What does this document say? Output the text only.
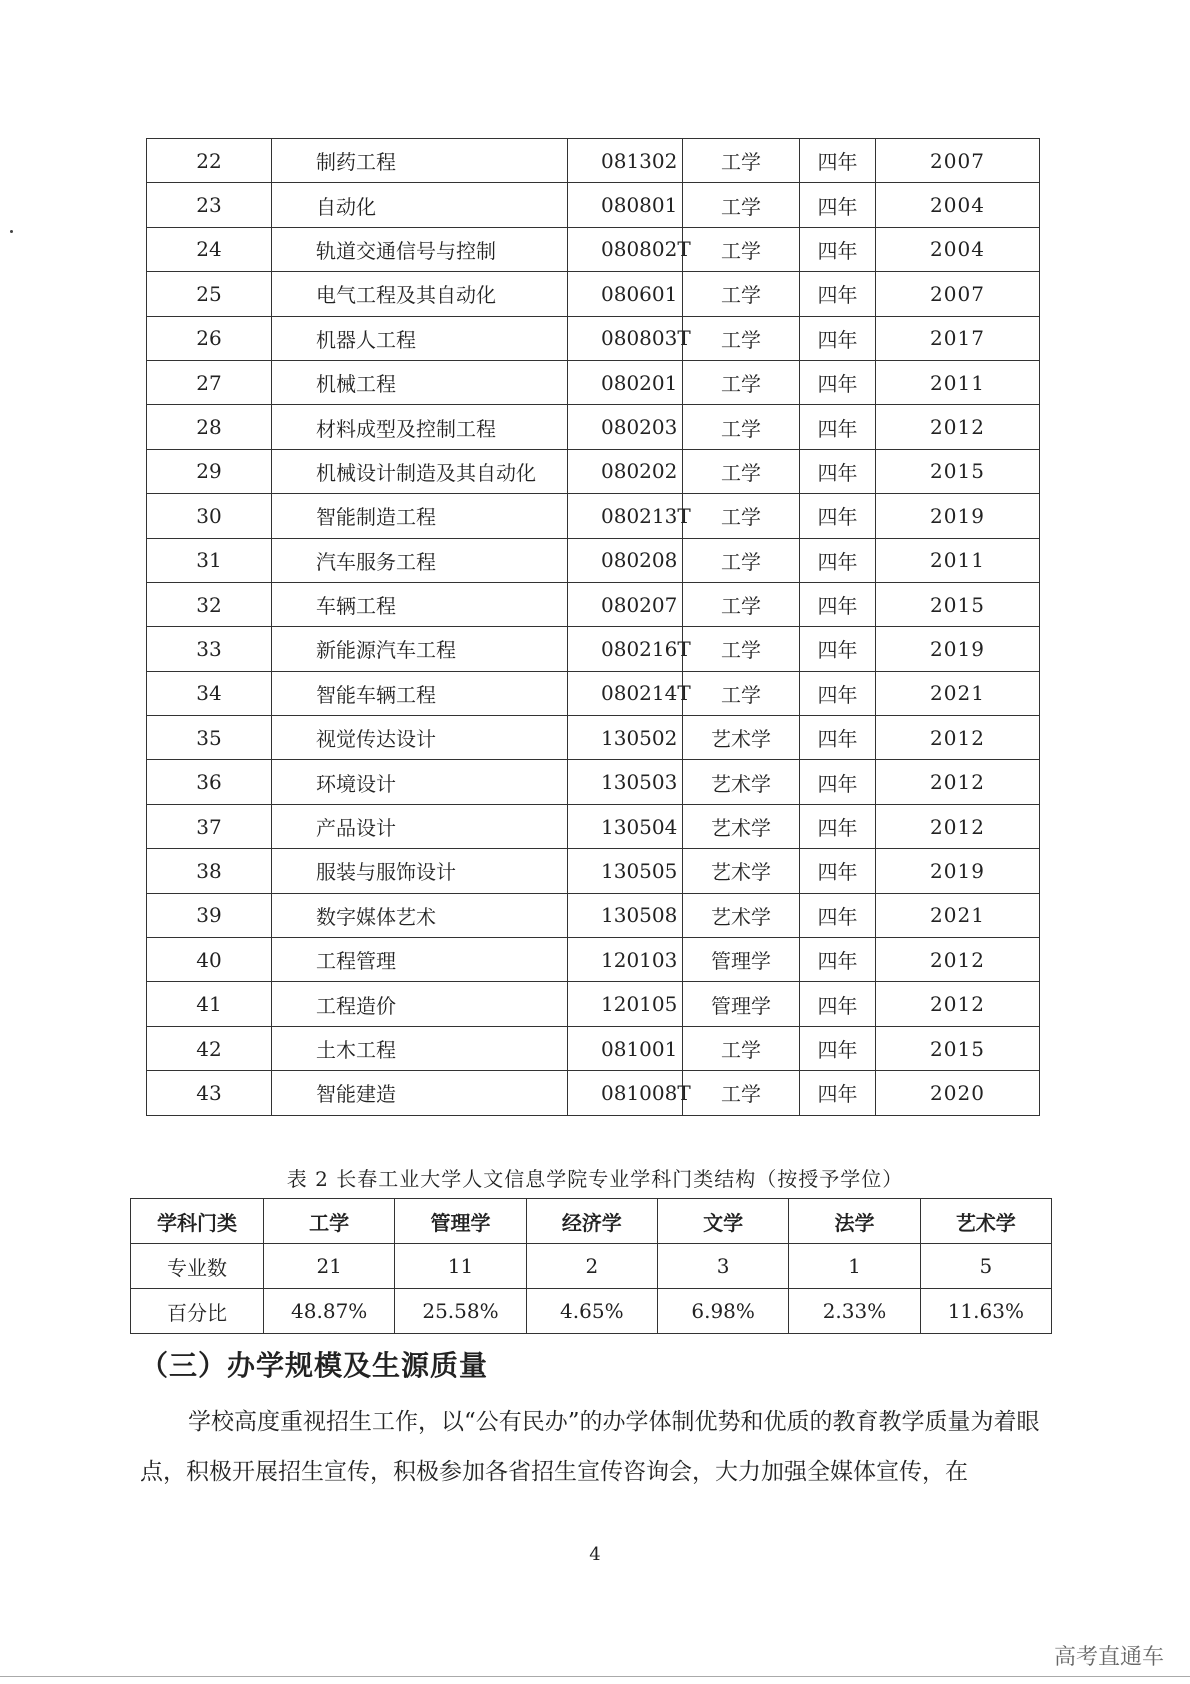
22	制药工程	081302	工学	四年	2007
23	自动化	080801	工学	四年	2004
24	轨道交通信号与控制	080802T	工学	四年	2004
25	电气工程及其自动化	080601	工学	四年	2007
26	机器人工程	080803T	工学	四年	2017
27	机械工程	080201	工学	四年	2011
28	材料成型及控制工程	080203	工学	四年	2012
29	机械设计制造及其自动化	080202	工学	四年	2015
30	智能制造工程	080213T	工学	四年	2019
31	汽车服务工程	080208	工学	四年	2011
32	车辆工程	080207	工学	四年	2015
33	新能源汽车工程	080216T	工学	四年	2019
34	智能车辆工程	080214T	工学	四年	2021
35	视觉传达设计	130502	艺术学	四年	2012
36	环境设计	130503	艺术学	四年	2012
37	产品设计	130504	艺术学	四年	2012
38	服装与服饰设计	130505	艺术学	四年	2019
39	数字媒体艺术	130508	艺术学	四年	2021
40	工程管理	120103	管理学	四年	2012
41	工程造价	120105	管理学	四年	2012
42	土木工程	081001	工学	四年	2015
43	智能建造	081008T	工学	四年	2020
表 2 长春工业大学人文信息学院专业学科门类结构（按授予学位）
学科门类	工学	管理学	经济学	文学	法学	艺术学
专业数	21	11	2	3	1	5
百分比	48.87%	25.58%	4.65%	6.98%	2.33%	11.63%
（三）办学规模及生源质量
学校高度重视招生工作，以“公有民办”的办学体制优势和优质的教育教学质量为着眼点，积极开展招生宣传，积极参加各省招生宣传咨询会，大力加强全媒体宣传，在
4
高考直通车
